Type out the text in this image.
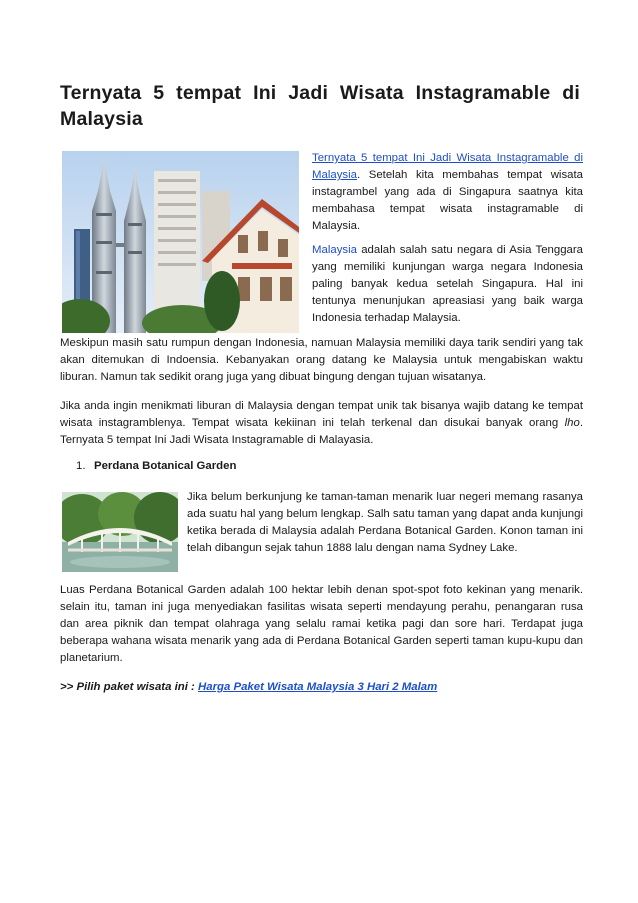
Ternyata 5 tempat Ini Jadi Wisata Instagramable di
Malaysia

Ternyata 5 tempat Ini Jadi Wisata Instagramable di Malaysia. Setelah kita membahas tempat wisata instagrambel yang ada di Singapura saatnya kita membahasa tempat wisata instagramable di Malaysia.

Malaysia adalah salah satu negara di Asia Tenggara yang memiliki kunjungan warga negara Indonesia paling banyak kedua setelah Singapura. Hal ini tentunya menunjukan apreasiasi yang baik warga Indonesia terhadap Malaysia.

Meskipun masih satu rumpun dengan Indonesia, namuan Malaysia memiliki daya tarik sendiri yang tak akan ditemukan di Indoensia. Kebanyakan orang datang ke Malaysia untuk mengabiskan waktu liburan. Namun tak sedikit orang juga yang dibuat bingung dengan tujuan wisatanya.

Jika anda ingin menikmati liburan di Malaysia dengan tempat unik tak bisanya wajib datang ke tempat wisata instagramblenya. Tempat wisata kekiinan ini telah terkenal dan disukai banyak orang lho. Ternyata 5 tempat Ini Jadi Wisata Instagramable di Malayasia.

1. Perdana Botanical Garden

Jika belum berkunjung ke taman-taman menarik luar negeri memang rasanya ada suatu hal yang belum lengkap. Salh satu taman yang dapat anda kunjungi ketika berada di Malaysia adalah Perdana Botanical Garden. Konon taman ini telah dibangun sejak tahun 1888 lalu dengan nama Sydney Lake.

Luas Perdana Botanical Garden adalah 100 hektar lebih denan spot-spot foto kekinan yang menarik. selain itu, taman ini juga menyediakan fasilitas wisata seperti mendayung perahu, penangaran rusa dan area piknik dan tempat olahraga yang selalu ramai ketika pagi dan sore hari. Terdapat juga beberapa wahana wisata menarik yang ada di Perdana Botanical Garden seperti taman kupu-kupu dan planetarium.

>> Pilih paket wisata ini : Harga Paket Wisata Malaysia 3 Hari 2 Malam
